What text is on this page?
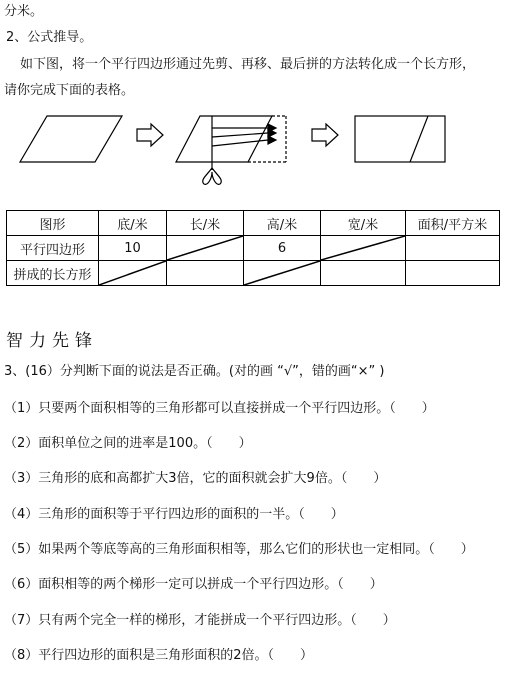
分米。
2、公式推导。
如下图，将一个平行四边形通过先剪、再移、最后拼的方法转化成一个长方形，
请你完成下面的表格。
图形	底/米	长/米	高/米	宽/米	面积/平方米
平行四边形	10		6	

拼成的长方形	

智力先锋
3、(16）分判断下面的说法是否正确。(对的画 “√”，错的画“×” )
（1）只要两个面积相等的三角形都可以直接拼成一个平行四边形。（　　）
（2）面积单位之间的进率是100。（　　）
（3）三角形的底和高都扩大3倍，它的面积就会扩大9倍。（　　）
（4）三角形的面积等于平行四边形的面积的一半。（　　）
（5）如果两个等底等高的三角形面积相等，那么它们的形状也一定相同。（　　）
（6）面积相等的两个梯形一定可以拼成一个平行四边形。（　　）
（7）只有两个完全一样的梯形，才能拼成一个平行四边形。（　　）
（8）平行四边形的面积是三角形面积的2倍。（　　）
